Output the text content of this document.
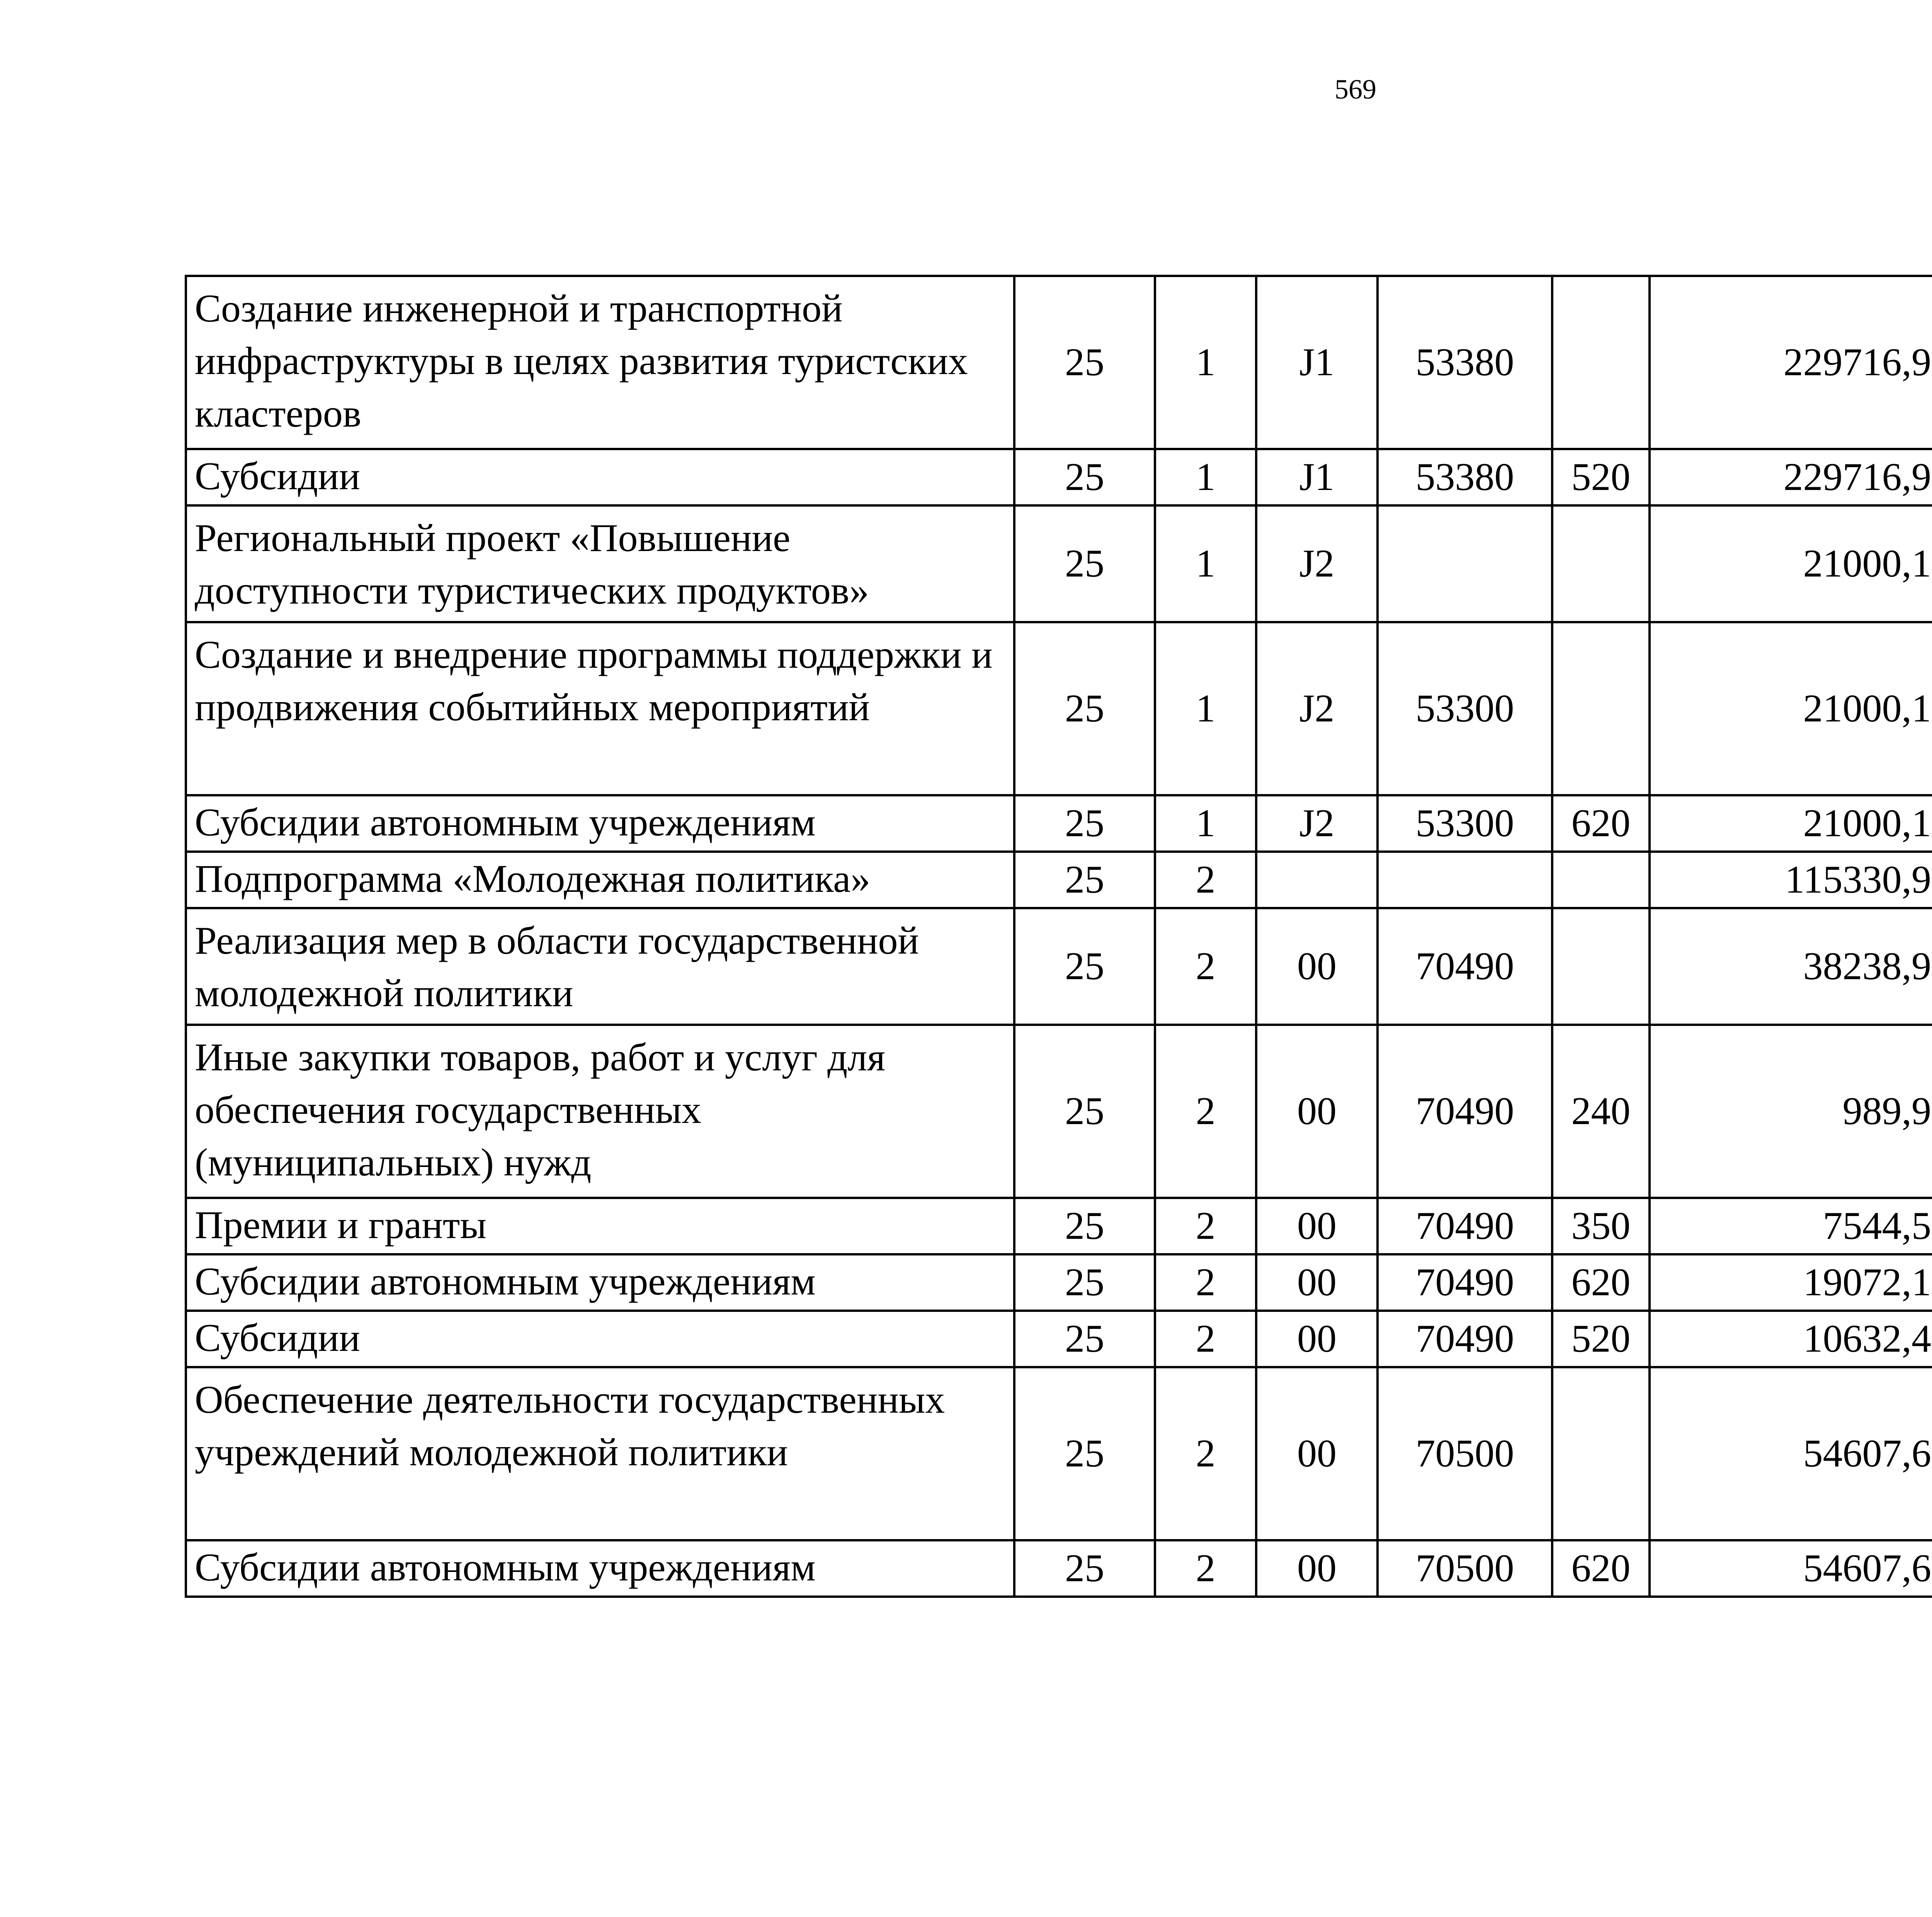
569
Создание инженерной и транспортной инфраструктуры в целях развития туристских кластеров	25	1	J1	53380		229716,9		
Субсидии	25	1	J1	53380	520	229716,9		
Региональный проект «Повышение доступности туристических продуктов»	25	1	J2			21000,1		
Создание и внедрение программы поддержки и продвижения событийных мероприятий	25	1	J2	53300		21000,1		
Субсидии автономным учреждениям	25	1	J2	53300	620	21000,1		
Подпрограмма «Молодежная политика»	25	2				115330,9		
Реализация мер в области государственной молодежной политики	25	2	00	70490		38238,9		
Иные закупки товаров, работ и услуг для обеспечения государственных (муниципальных) нужд	25	2	00	70490	240	989,9		
Премии и гранты	25	2	00	70490	350	7544,5		
Субсидии автономным учреждениям	25	2	00	70490	620	19072,1		
Субсидии	25	2	00	70490	520	10632,4		
Обеспечение деятельности государственных учреждений молодежной политики	25	2	00	70500		54607,6		
Субсидии автономным учреждениям	25	2	00	70500	620	54607,6		
